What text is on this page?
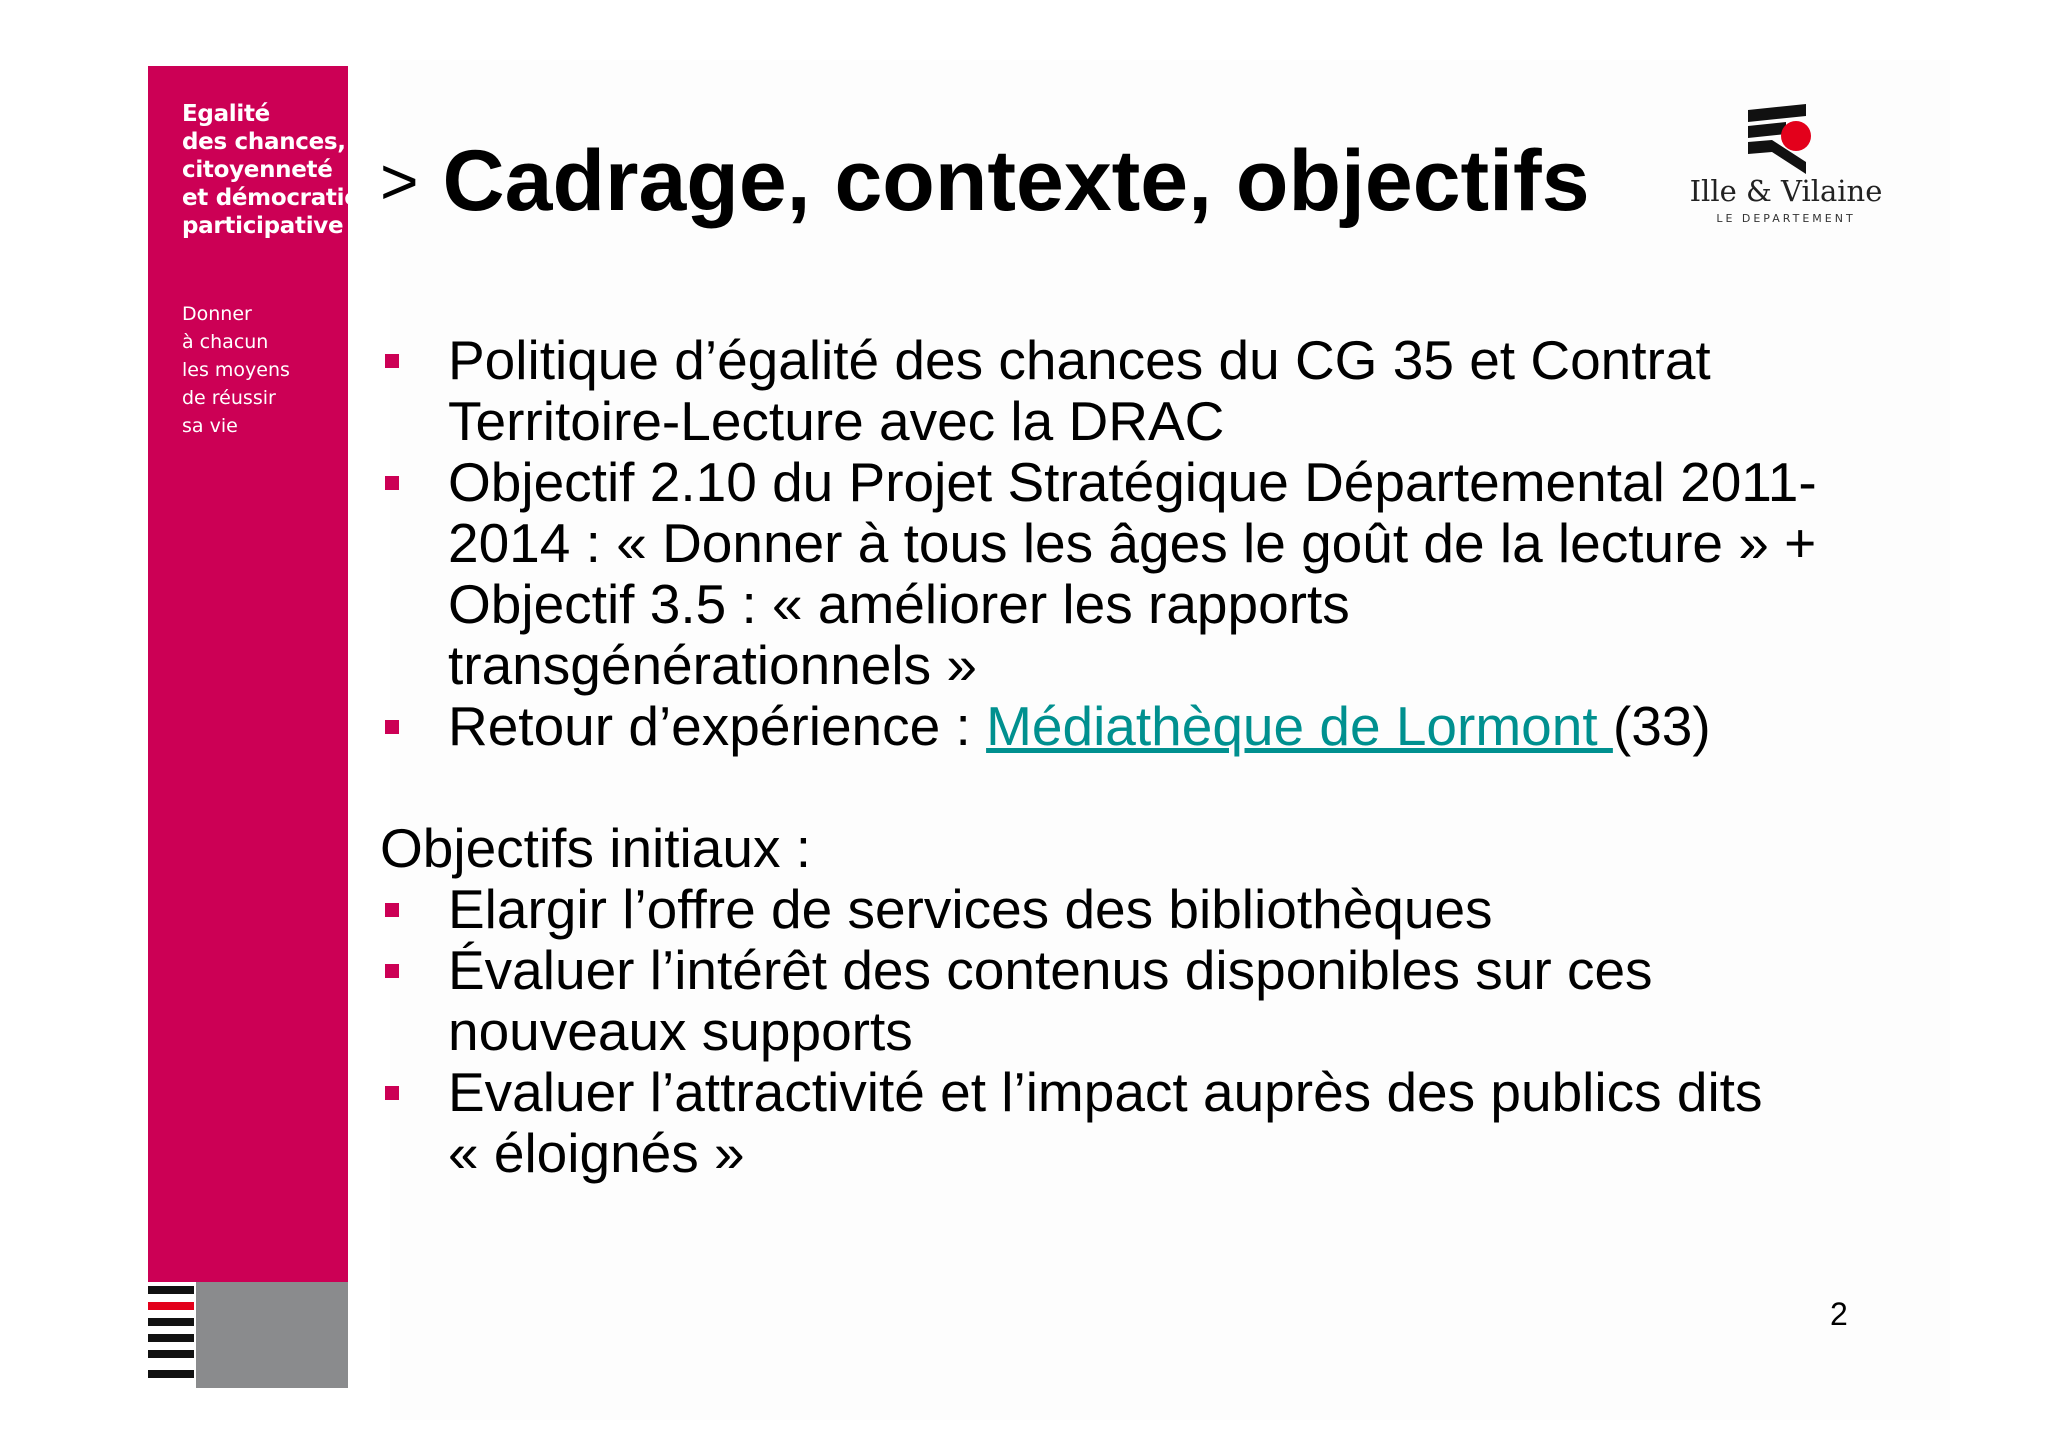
Egalité
des chances,
citoyenneté
et démocratie
participative
Donner
à chacun
les moyens
de réussir
sa vie
Ille & Vilaine
LE DEPARTEMENT
> Cadrage, contexte, objectifs
Politique d’égalité des chances du CG 35 et Contrat
Territoire-Lecture avec la DRAC
Objectif 2.10 du Projet Stratégique Départemental 2011-
2014 : « Donner à tous les âges le goût de la lecture » +
Objectif 3.5 : « améliorer les rapports
transgénérationnels »
Retour d’expérience : Médiathèque de Lormont (33)
Objectifs initiaux :
Elargir l’offre de services des bibliothèques
Évaluer l’intérêt des contenus disponibles sur ces
nouveaux supports
Evaluer l’attractivité et l’impact auprès des publics dits
« éloignés »
2
